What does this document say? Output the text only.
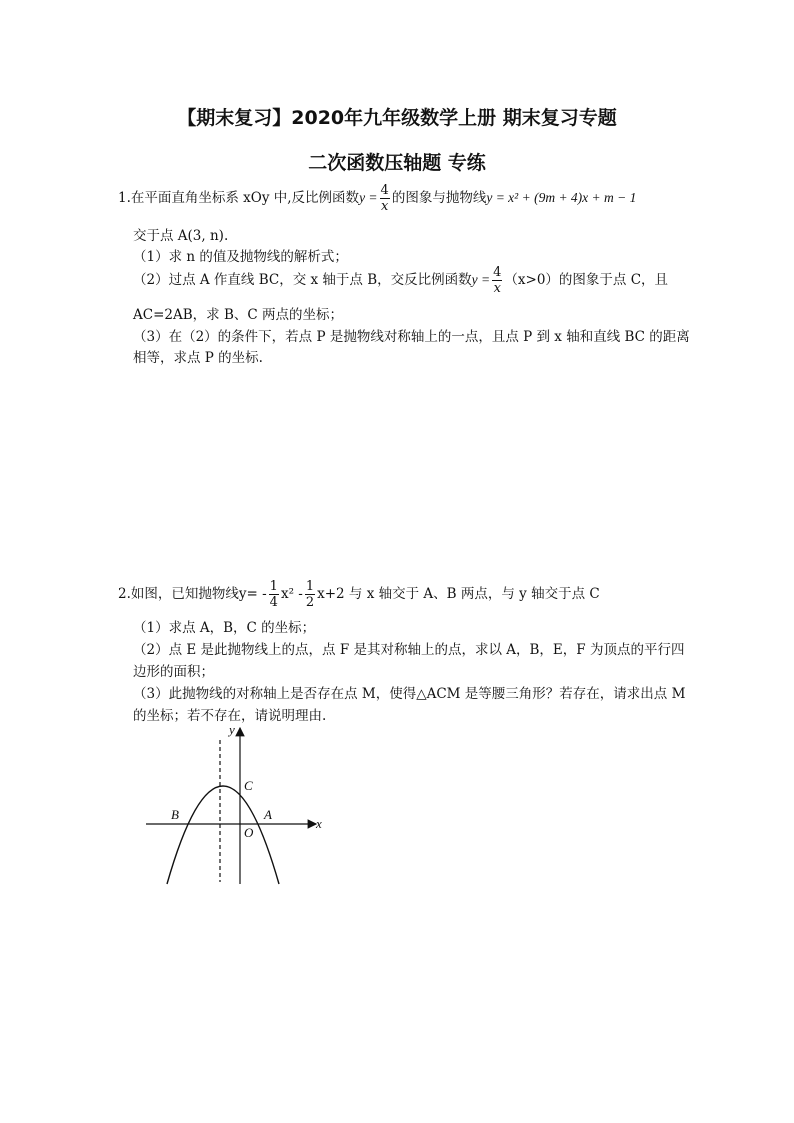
【期末复习】2020年九年级数学上册 期末复习专题
二次函数压轴题 专练
1.在平面直角坐标系 xOy 中,反比例函数$y = \frac{4}{x}$ 的图象与抛物线y = x² + (9m + 4)x + m − 1
交于点 A(3, n).
（1）求 n 的值及抛物线的解析式；
（2）过点 A 作直线 BC，交 x 轴于点 B，交反比例函数$y = \frac{4}{x} (x>0)$的图象于点 C，且
AC=2AB，求 B、C 两点的坐标；
（3）在（2）的条件下，若点 P 是抛物线对称轴上的一点，且点 P 到 x 轴和直线 BC 的距离
相等，求点 P 的坐标.
2.如图，已知抛物线$y= - \frac{1}{4} x^2 - \frac{1}{2} x+2$ 与 x 轴交于 A、B 两点，与 y 轴交于点 C
（1）求点 A，B，C 的坐标；
（2）点 E 是此抛物线上的点，点 F 是其对称轴上的点，求以 A，B，E，F 为顶点的平行四
边形的面积；
（3）此抛物线的对称轴上是否存在点 M，使得△ACM 是等腰三角形？若存在，请求出点 M
的坐标；若不存在，请说明理由.
y
x
C
B	A
O
